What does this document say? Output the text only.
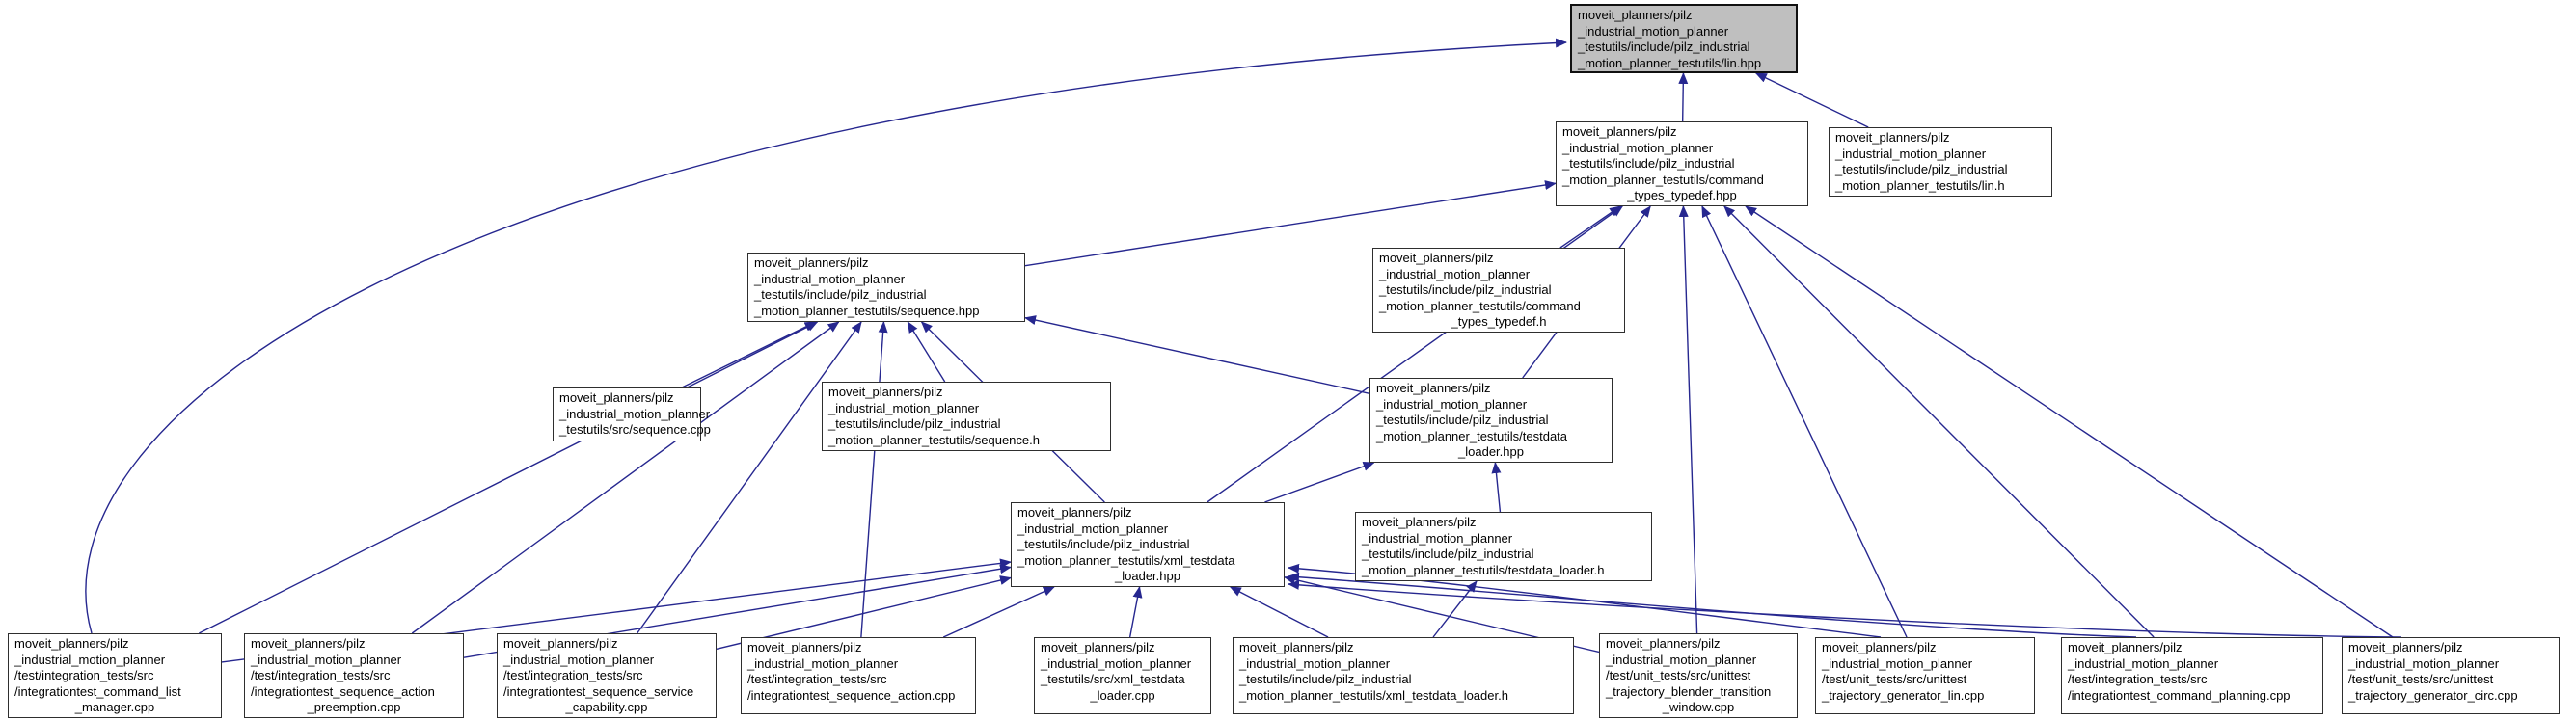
moveit_planners/pilz
_industrial_motion_planner
_testutils/include/pilz_industrial
_motion_planner_testutils/lin.hpp
moveit_planners/pilz
_industrial_motion_planner
_testutils/include/pilz_industrial
_motion_planner_testutils/command
_types_typedef.hpp
moveit_planners/pilz
_industrial_motion_planner
_testutils/include/pilz_industrial
_motion_planner_testutils/lin.h
moveit_planners/pilz
_industrial_motion_planner
_testutils/include/pilz_industrial
_motion_planner_testutils/sequence.hpp
moveit_planners/pilz
_industrial_motion_planner
_testutils/include/pilz_industrial
_motion_planner_testutils/command
_types_typedef.h
moveit_planners/pilz
_industrial_motion_planner
_testutils/src/sequence.cpp
moveit_planners/pilz
_industrial_motion_planner
_testutils/include/pilz_industrial
_motion_planner_testutils/sequence.h
moveit_planners/pilz
_industrial_motion_planner
_testutils/include/pilz_industrial
_motion_planner_testutils/testdata
_loader.hpp
moveit_planners/pilz
_industrial_motion_planner
_testutils/include/pilz_industrial
_motion_planner_testutils/xml_testdata
_loader.hpp
moveit_planners/pilz
_industrial_motion_planner
_testutils/include/pilz_industrial
_motion_planner_testutils/testdata_loader.h
moveit_planners/pilz
_industrial_motion_planner
/test/integration_tests/src
/integrationtest_command_list
_manager.cpp
moveit_planners/pilz
_industrial_motion_planner
/test/integration_tests/src
/integrationtest_sequence_action
_preemption.cpp
moveit_planners/pilz
_industrial_motion_planner
/test/integration_tests/src
/integrationtest_sequence_service
_capability.cpp
moveit_planners/pilz
_industrial_motion_planner
/test/integration_tests/src
/integrationtest_sequence_action.cpp
moveit_planners/pilz
_industrial_motion_planner
_testutils/src/xml_testdata
_loader.cpp
moveit_planners/pilz
_industrial_motion_planner
_testutils/include/pilz_industrial
_motion_planner_testutils/xml_testdata_loader.h
moveit_planners/pilz
_industrial_motion_planner
/test/unit_tests/src/unittest
_trajectory_blender_transition
_window.cpp
moveit_planners/pilz
_industrial_motion_planner
/test/unit_tests/src/unittest
_trajectory_generator_lin.cpp
moveit_planners/pilz
_industrial_motion_planner
/test/integration_tests/src
/integrationtest_command_planning.cpp
moveit_planners/pilz
_industrial_motion_planner
/test/unit_tests/src/unittest
_trajectory_generator_circ.cpp
